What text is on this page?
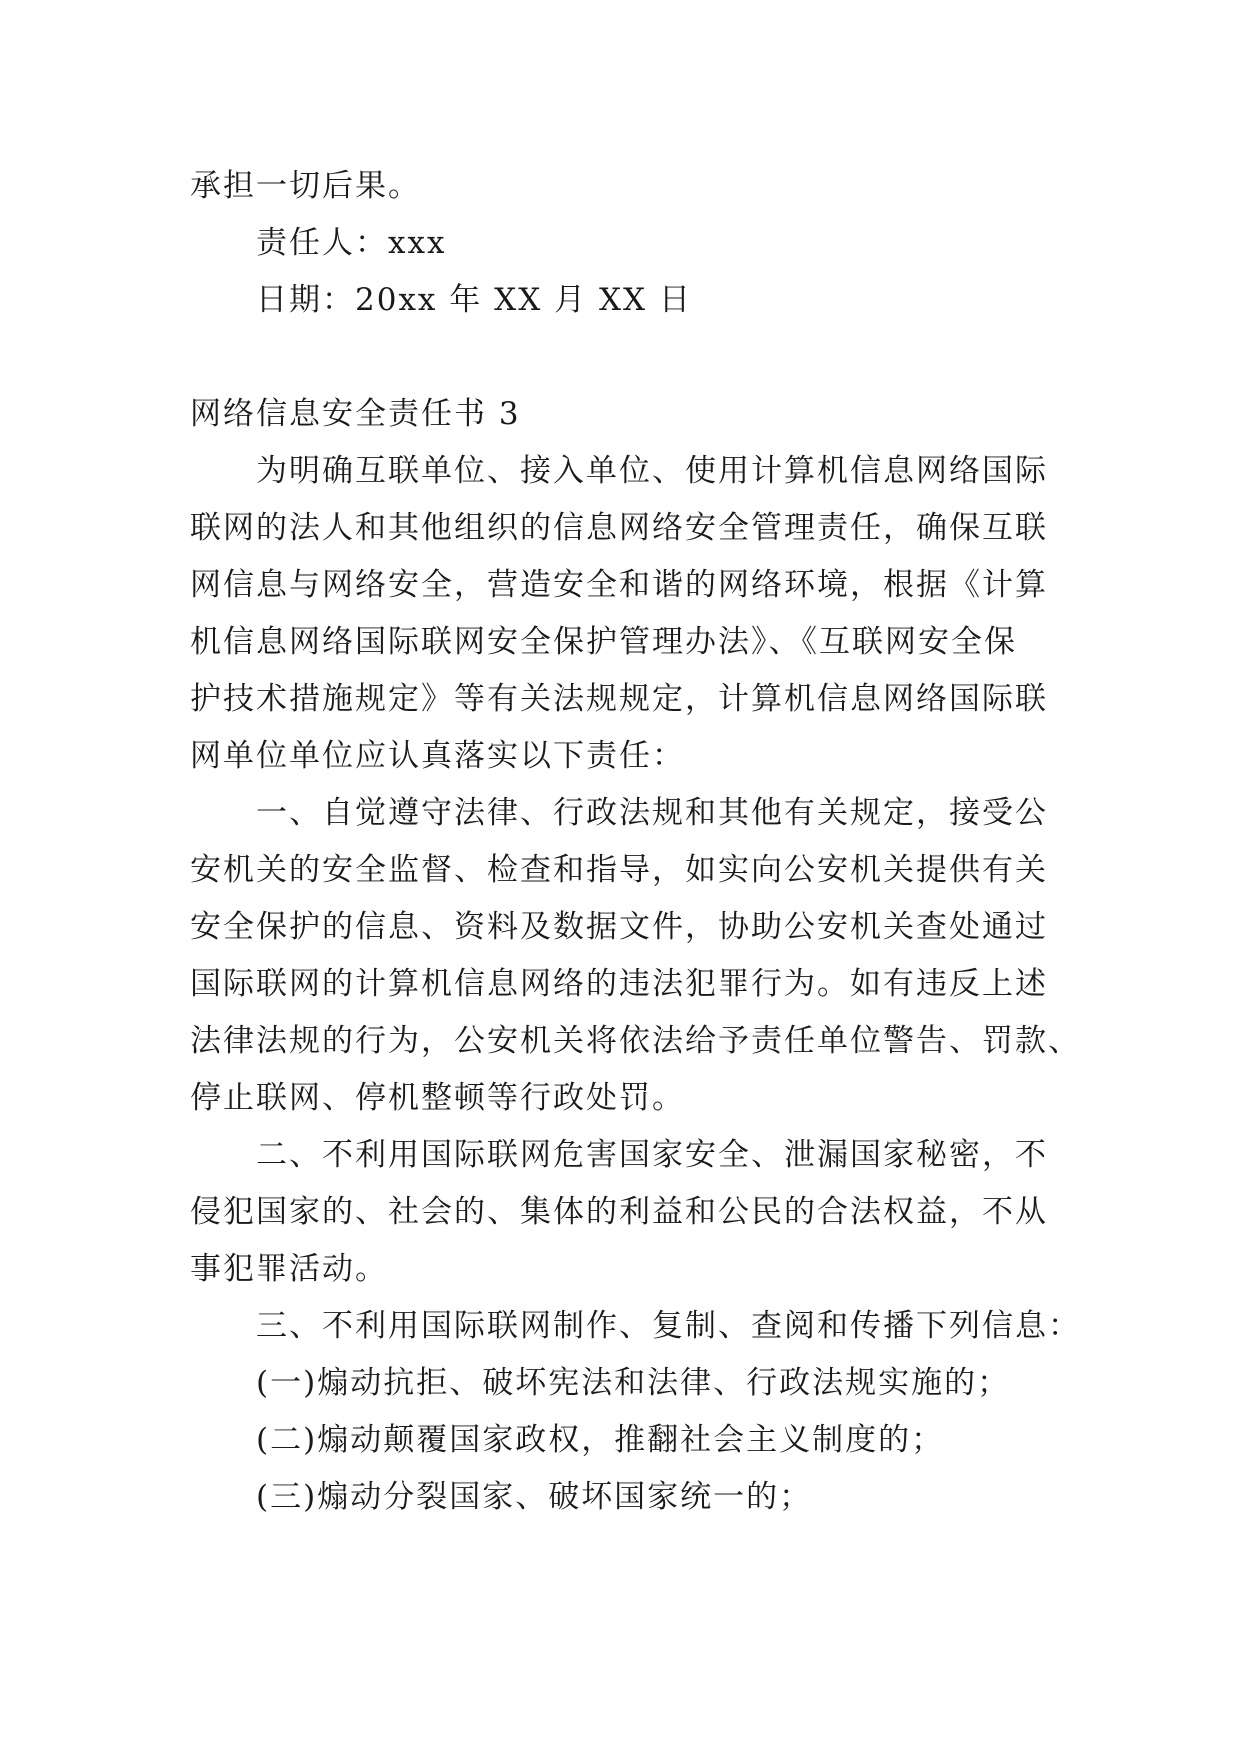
承担一切后果。
责任人：xxx
日期：20xx 年 XX 月 XX 日
网络信息安全责任书 3
为明确互联单位、接入单位、使用计算机信息网络国际
联网的法人和其他组织的信息网络安全管理责任，确保互联
网信息与网络安全，营造安全和谐的网络环境，根据《计算
机信息网络国际联网安全保护管理办法》、《互联网安全保
护技术措施规定》等有关法规规定，计算机信息网络国际联
网单位单位应认真落实以下责任：
一、自觉遵守法律、行政法规和其他有关规定，接受公
安机关的安全监督、检查和指导，如实向公安机关提供有关
安全保护的信息、资料及数据文件，协助公安机关查处通过
国际联网的计算机信息网络的违法犯罪行为。如有违反上述
法律法规的行为，公安机关将依法给予责任单位警告、罚款、
停止联网、停机整顿等行政处罚。
二、不利用国际联网危害国家安全、泄漏国家秘密，不
侵犯国家的、社会的、集体的利益和公民的合法权益，不从
事犯罪活动。
三、不利用国际联网制作、复制、查阅和传播下列信息：
(一)煽动抗拒、破坏宪法和法律、行政法规实施的；
(二)煽动颠覆国家政权，推翻社会主义制度的；
(三)煽动分裂国家、破坏国家统一的；
